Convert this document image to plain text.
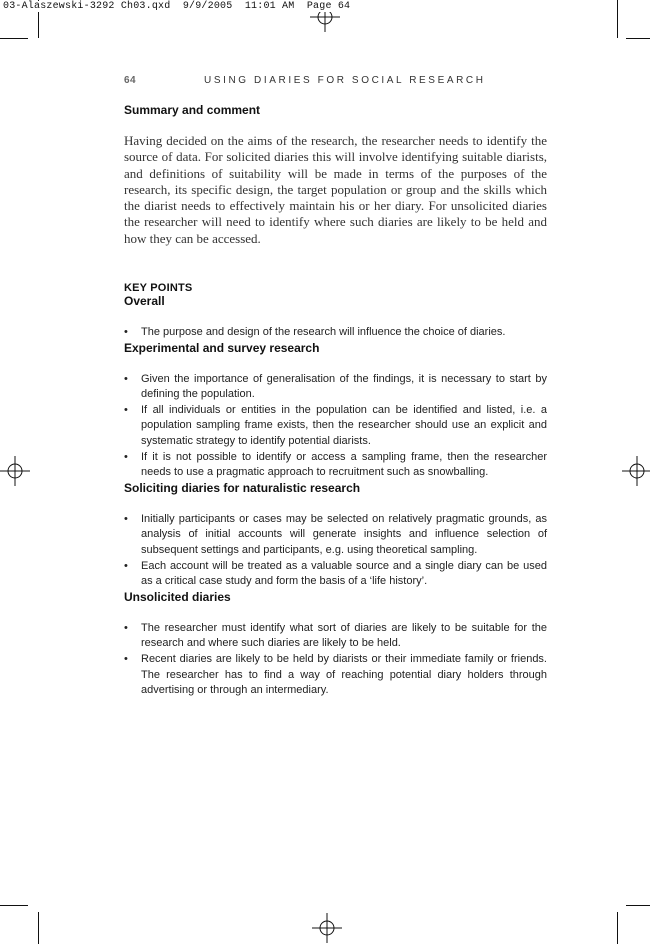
03-Alaszewski-3292 Ch03.qxd  9/9/2005  11:01 AM  Page 64
64	USING DIARIES FOR SOCIAL RESEARCH
Summary and comment

Having decided on the aims of the research, the researcher needs to identify the source of data. For solicited diaries this will involve identifying suitable diarists, and definitions of suitability will be made in terms of the purposes of the research, its specific design, the target population or group and the skills which the diarist needs to effectively maintain his or her diary. For unsolicited diaries the researcher will need to identify where such diaries are likely to be held and how they can be accessed.

KEY POINTS
Overall
• The purpose and design of the research will influence the choice of diaries.
Experimental and survey research
• Given the importance of generalisation of the findings, it is necessary to start by defining the population.
• If all individuals or entities in the population can be identified and listed, i.e. a population sampling frame exists, then the researcher should use an explicit and systematic strategy to identify potential diarists.
• If it is not possible to identify or access a sampling frame, then the researcher needs to use a pragmatic approach to recruitment such as snowballing.
Soliciting diaries for naturalistic research
• Initially participants or cases may be selected on relatively pragmatic grounds, as analysis of initial accounts will generate insights and influence selection of subsequent settings and participants, e.g. using theoretical sampling.
• Each account will be treated as a valuable source and a single diary can be used as a critical case study and form the basis of a ‘life history’.
Unsolicited diaries
• The researcher must identify what sort of diaries are likely to be suitable for the research and where such diaries are likely to be held.
• Recent diaries are likely to be held by diarists or their immediate family or friends. The researcher has to find a way of reaching potential diary holders through advertising or through an intermediary.
